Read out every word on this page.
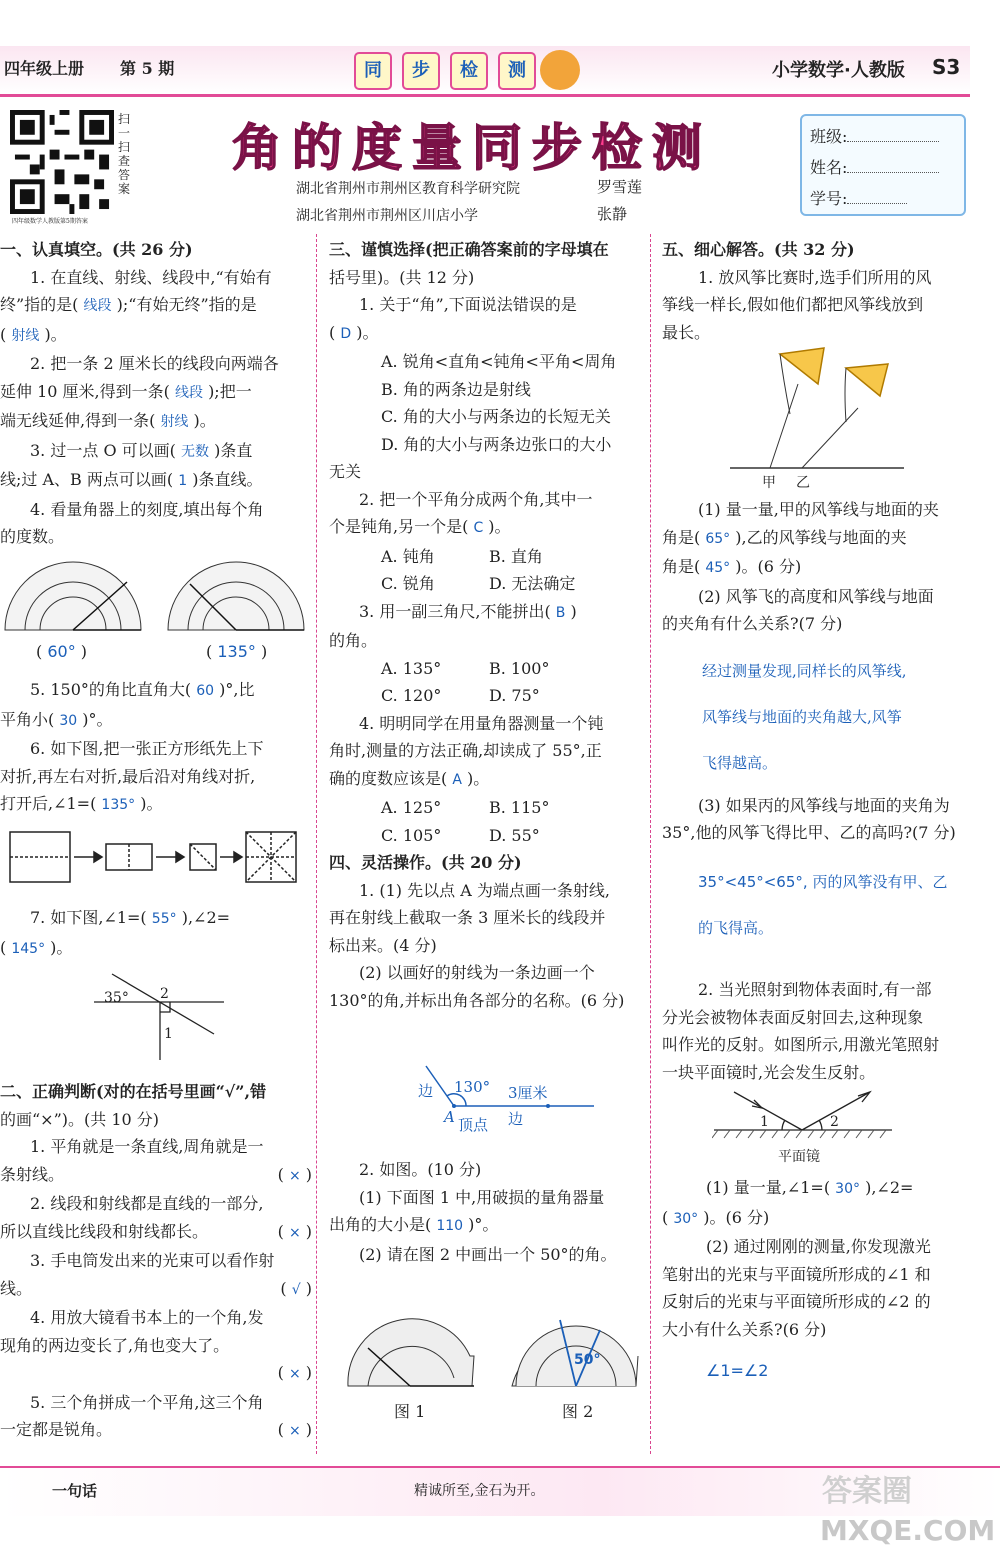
四年级上册 第 5 期	同	步	检	测	小学数学·人教版 S3
扫一扫 查答案
四年级数学人教版第5期答案
角的度量同步检测
湖北省荆州市荆州区教育科学研究院	罗雪莲
湖北省荆州市荆州区川店小学	张静
班级:
姓名:
学号:
一、认真填空。(共 26 分)
1. 在直线、射线、线段中,“有始有
终”指的是( 线段 );“有始无终”指的是
( 射线 )。
2. 把一条 2 厘米长的线段向两端各
延伸 10 厘米,得到一条( 线段 );把一
端无线延伸,得到一条( 射线 )。
3. 过一点 O 可以画( 无数 )条直
线;过 A、B 两点可以画( 1 )条直线。
4. 看量角器上的刻度,填出每个角
的度数。
( 60° )	( 135° )
5. 150°的角比直角大( 60 )°,比
平角小( 30 )°。
6. 如下图,把一张正方形纸先上下
对折,再左右对折,最后沿对角线对折,
打开后,∠1=( 135° )。
7. 如下图,∠1=( 55° ),∠2=
( 145° )。
35° 2
1
二、正确判断(对的在括号里画“√”,错
的画“×”)。(共 10 分)
1. 平角就是一条直线,周角就是一
条射线。	( × )
2. 线段和射线都是直线的一部分,
所以直线比线段和射线都长。	( × )
3. 手电筒发出来的光束可以看作射
线。	( √ )
4. 用放大镜看书本上的一个角,发
现角的两边变长了,角也变大了。
( × )
5. 三个角拼成一个平角,这三个角
一定都是锐角。	( × )
三、谨慎选择(把正确答案前的字母填在
括号里)。(共 12 分)
1. 关于“角”,下面说法错误的是
( D )。
A. 锐角<直角<钝角<平角<周角
B. 角的两条边是射线
C. 角的大小与两条边的长短无关
D. 角的大小与两条边张口的大小
无关
2. 把一个平角分成两个角,其中一
个是钝角,另一个是( C )。
A. 钝角	B. 直角
C. 锐角	D. 无法确定
3. 用一副三角尺,不能拼出( B )
的角。
A. 135°	B. 100°
C. 120°	D. 75°
4. 明明同学在用量角器测量一个钝
角时,测量的方法正确,却读成了 55°,正
确的度数应该是( A )。
A. 125°	B. 115°
C. 105°	D. 55°
四、灵活操作。(共 20 分)
1. (1) 先以点 A 为端点画一条射线,
再在射线上截取一条 3 厘米长的线段并
标出来。(4 分)
(2) 以画好的射线为一条边画一个
130°的角,并标出角各部分的名称。(6 分)
边 130° 3厘米
A 顶点 边
2. 如图。(10 分)
(1) 下面图 1 中,用破损的量角器量
出角的大小是( 110 )°。
(2) 请在图 2 中画出一个 50°的角。
50°
图 1	图 2
五、细心解答。(共 32 分)
1. 放风筝比赛时,选手们所用的风
筝线一样长,假如他们都把风筝线放到
最长。
甲 乙
(1) 量一量,甲的风筝线与地面的夹
角是( 65° ),乙的风筝线与地面的夹
角是( 45° )。(6 分)
(2) 风筝飞的高度和风筝线与地面
的夹角有什么关系?(7 分)
经过测量发现,同样长的风筝线,
风筝线与地面的夹角越大,风筝
飞得越高。
(3) 如果丙的风筝线与地面的夹角为
35°,他的风筝飞得比甲、乙的高吗?(7 分)
35°<45°<65°, 丙的风筝没有甲、乙
的飞得高。
2. 当光照射到物体表面时,有一部
分光会被物体表面反射回去,这种现象
叫作光的反射。如图所示,用激光笔照射
一块平面镜时,光会发生反射。
1	2
平面镜
(1) 量一量,∠1=( 30° ),∠2=
( 30° )。(6 分)
(2) 通过刚刚的测量,你发现激光
笔射出的光束与平面镜所形成的∠1 和
反射后的光束与平面镜所形成的∠2 的
大小有什么关系?(6 分)
∠1=∠2
一句话	精诚所至,金石为开。	答案圈
MXQE.COM
